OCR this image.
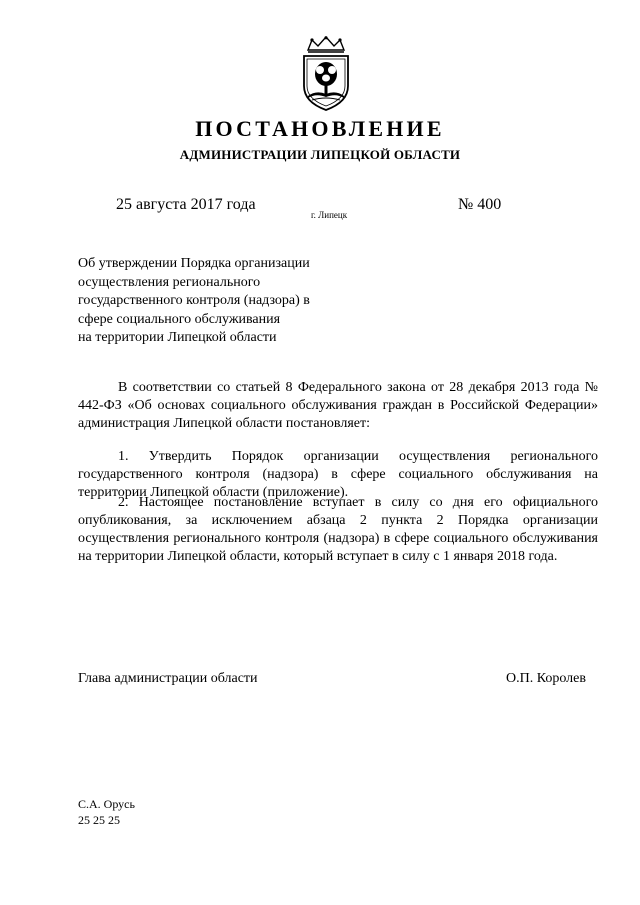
ПОСТАНОВЛЕНИЕ
АДМИНИСТРАЦИИ ЛИПЕЦКОЙ ОБЛАСТИ
25 августа 2017 года
г. Липецк
№ 400
Об утверждении Порядка организации
осуществления регионального
государственного контроля (надзора) в
сфере социального обслуживания
на территории Липецкой области
В соответствии со статьей 8 Федерального закона от 28 декабря 2013 года № 442-ФЗ «Об основах социального обслуживания граждан в Российской Федерации» администрация Липецкой области постановляет:
1. Утвердить Порядок организации осуществления регионального государственного контроля (надзора) в сфере социального обслуживания на территории Липецкой области (приложение).
2. Настоящее постановление вступает в силу со дня его официального опубликования, за исключением абзаца 2 пункта 2 Порядка организации осуществления регионального контроля (надзора) в сфере социального обслуживания на территории Липецкой области, который вступает в силу с 1 января 2018 года.
Глава администрации области	О.П. Королев
С.А. Орусь
25 25 25
